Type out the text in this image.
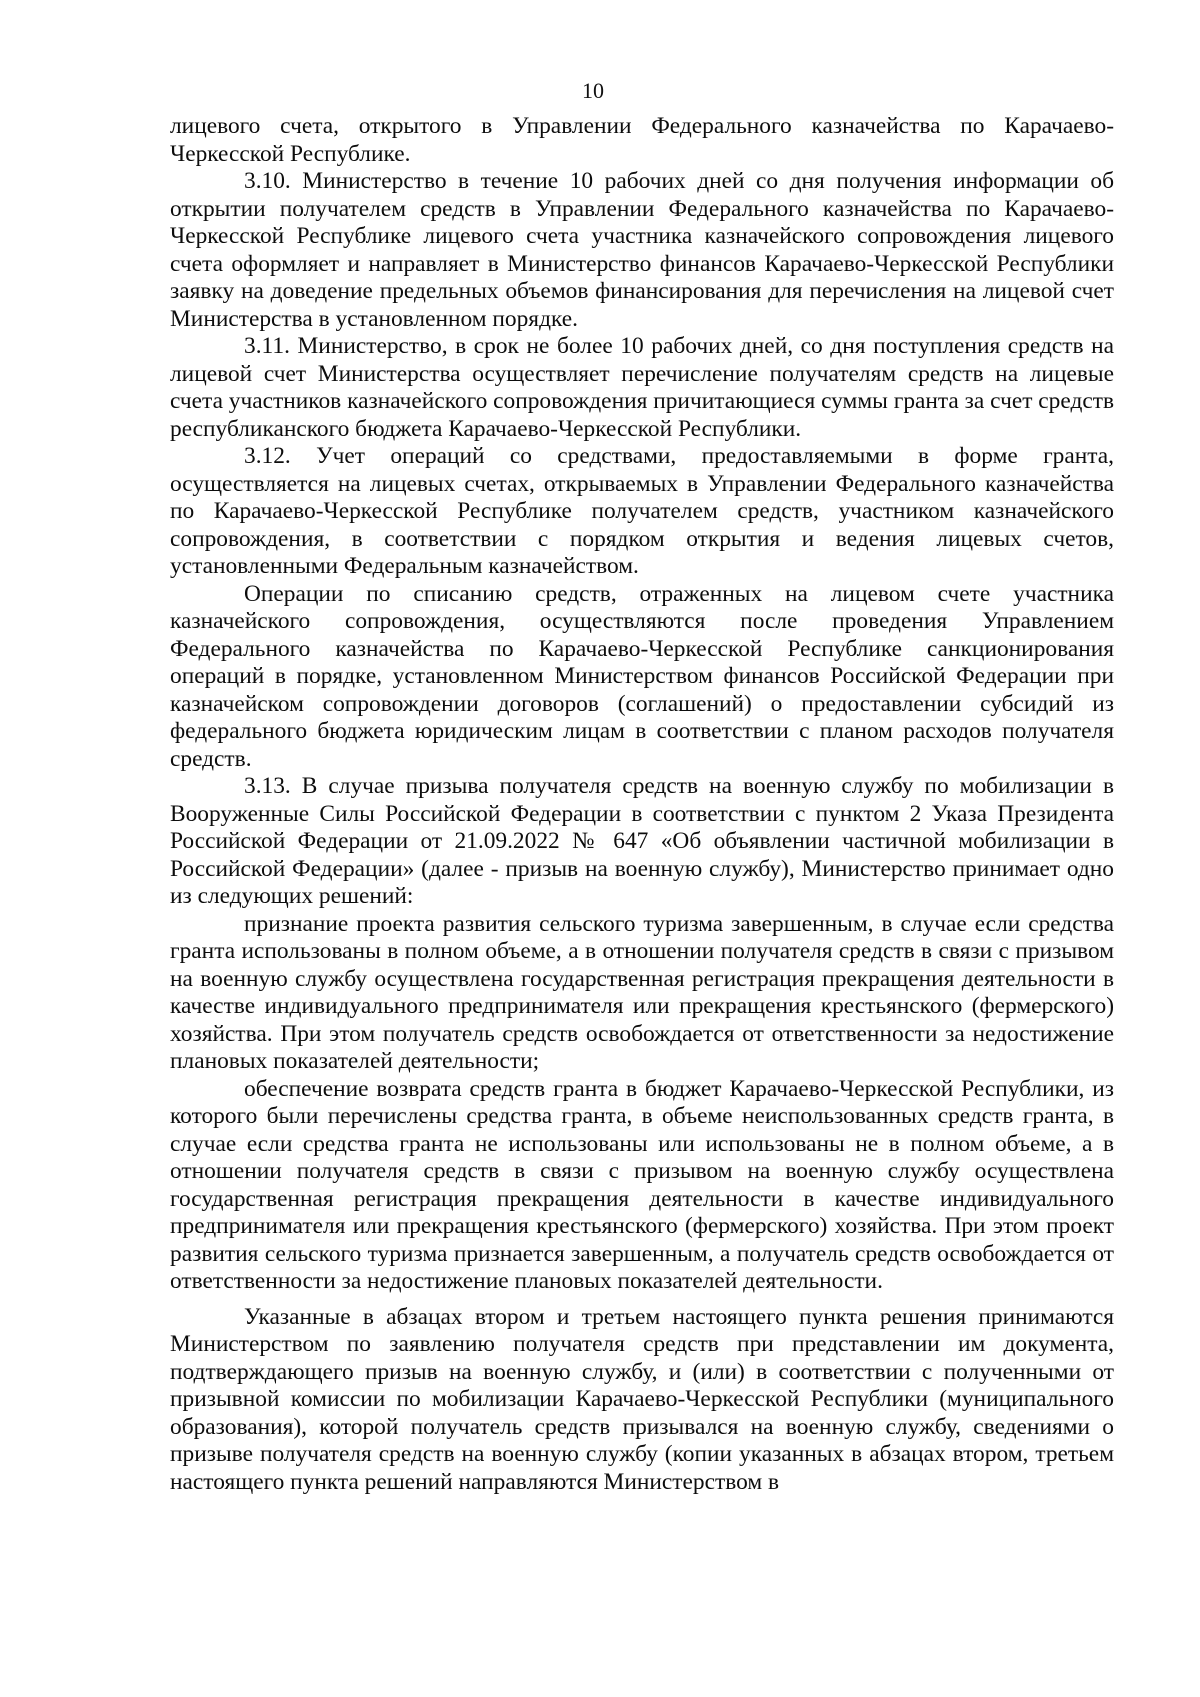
10

лицевого счета, открытого в Управлении Федерального казначейства по Карачаево-Черкесской Республике.

3.10. Министерство в течение 10 рабочих дней со дня получения информации об открытии получателем средств в Управлении Федерального казначейства по Карачаево-Черкесской Республике лицевого счета участника казначейского сопровождения лицевого счета оформляет и направляет в Министерство финансов Карачаево-Черкесской Республики заявку на доведение предельных объемов финансирования для перечисления на лицевой счет Министерства в установленном порядке.

3.11. Министерство, в срок не более 10 рабочих дней, со дня поступления средств на лицевой счет Министерства осуществляет перечисление получателям средств на лицевые счета участников казначейского сопровождения причитающиеся суммы гранта за счет средств республиканского бюджета Карачаево-Черкесской Республики.

3.12. Учет операций со средствами, предоставляемыми в форме гранта, осуществляется на лицевых счетах, открываемых в Управлении Федерального казначейства по Карачаево-Черкесской Республике получателем средств, участником казначейского сопровождения, в соответствии с порядком открытия и ведения лицевых счетов, установленными Федеральным казначейством.

Операции по списанию средств, отраженных на лицевом счете участника казначейского сопровождения, осуществляются после проведения Управлением Федерального казначейства по Карачаево-Черкесской Республике санкционирования операций в порядке, установленном Министерством финансов Российской Федерации при казначейском сопровождении договоров (соглашений) о предоставлении субсидий из федерального бюджета юридическим лицам в соответствии с планом расходов получателя средств.

3.13. В случае призыва получателя средств на военную службу по мобилизации в Вооруженные Силы Российской Федерации в соответствии с пунктом 2 Указа Президента Российской Федерации от 21.09.2022 № 647 «Об объявлении частичной мобилизации в Российской Федерации» (далее - призыв на военную службу), Министерство принимает одно из следующих решений:

признание проекта развития сельского туризма завершенным, в случае если средства гранта использованы в полном объеме, а в отношении получателя средств в связи с призывом на военную службу осуществлена государственная регистрация прекращения деятельности в качестве индивидуального предпринимателя или прекращения крестьянского (фермерского) хозяйства. При этом получатель средств освобождается от ответственности за недостижение плановых показателей деятельности;

обеспечение возврата средств гранта в бюджет Карачаево-Черкесской Республики, из которого были перечислены средства гранта, в объеме неиспользованных средств гранта, в случае если средства гранта не использованы или использованы не в полном объеме, а в отношении получателя средств в связи с призывом на военную службу осуществлена государственная регистрация прекращения деятельности в качестве индивидуального предпринимателя или прекращения крестьянского (фермерского) хозяйства. При этом проект развития сельского туризма признается завершенным, а получатель средств освобождается от ответственности за недостижение плановых показателей деятельности.

Указанные в абзацах втором и третьем настоящего пункта решения принимаются Министерством по заявлению получателя средств при представлении им документа, подтверждающего призыв на военную службу, и (или) в соответствии с полученными от призывной комиссии по мобилизации Карачаево-Черкесской Республики (муниципального образования), которой получатель средств призывался на военную службу, сведениями о призыве получателя средств на военную службу (копии указанных в абзацах втором, третьем настоящего пункта решений направляются Министерством в
